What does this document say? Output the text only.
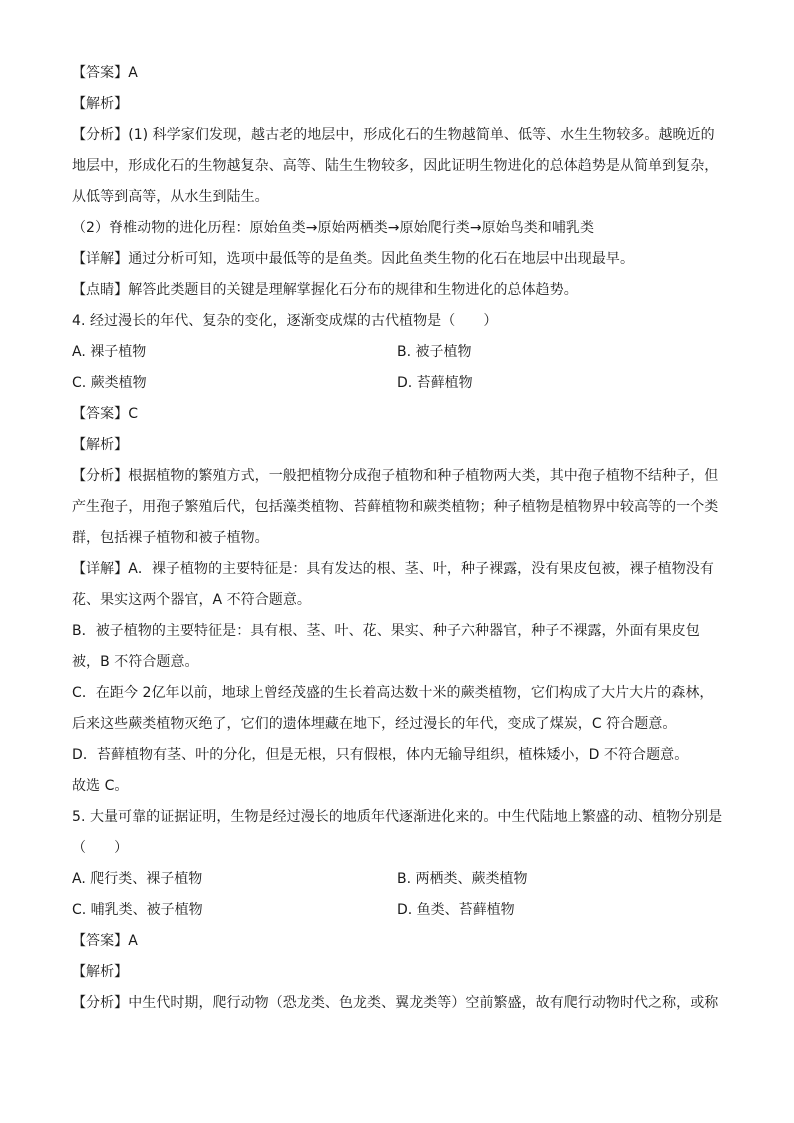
【答案】A
【解析】
【分析】(1) 科学家们发现，越古老的地层中，形成化石的生物越简单、低等、水生生物较多。越晚近的
地层中，形成化石的生物越复杂、高等、陆生生物较多，因此证明生物进化的总体趋势是从简单到复杂，
从低等到高等，从水生到陆生。
（2）脊椎动物的进化历程：原始鱼类→原始两栖类→原始爬行类→原始鸟类和哺乳类
【详解】通过分析可知，选项中最低等的是鱼类。因此鱼类生物的化石在地层中出现最早。
【点睛】解答此类题目的关键是理解掌握化石分布的规律和生物进化的总体趋势。
4. 经过漫长的年代、复杂的变化，逐渐变成煤的古代植物是（　　）
A. 裸子植物	B. 被子植物
C. 蕨类植物	D. 苔藓植物
【答案】C
【解析】
【分析】根据植物的繁殖方式，一般把植物分成孢子植物和种子植物两大类，其中孢子植物不结种子，但
产生孢子，用孢子繁殖后代，包括藻类植物、苔藓植物和蕨类植物；种子植物是植物界中较高等的一个类
群，包括裸子植物和被子植物。
【详解】A．裸子植物的主要特征是：具有发达的根、茎、叶，种子裸露，没有果皮包被，裸子植物没有
花、果实这两个器官，A 不符合题意。
B．被子植物的主要特征是：具有根、茎、叶、花、果实、种子六种器官，种子不裸露，外面有果皮包
被，B 不符合题意。
C．在距今 2亿年以前，地球上曾经茂盛的生长着高达数十米的蕨类植物，它们构成了大片大片的森林，
后来这些蕨类植物灭绝了，它们的遗体埋藏在地下，经过漫长的年代，变成了煤炭，C 符合题意。
D．苔藓植物有茎、叶的分化，但是无根，只有假根，体内无输导组织，植株矮小，D 不符合题意。
故选 C。
5. 大量可靠的证据证明，生物是经过漫长的地质年代逐渐进化来的。中生代陆地上繁盛的动、植物分别是
（　　）
A. 爬行类、裸子植物	B. 两栖类、蕨类植物
C. 哺乳类、被子植物	D. 鱼类、苔藓植物
【答案】A
【解析】
【分析】中生代时期，爬行动物（恐龙类、色龙类、翼龙类等）空前繁盛，故有爬行动物时代之称，或称
